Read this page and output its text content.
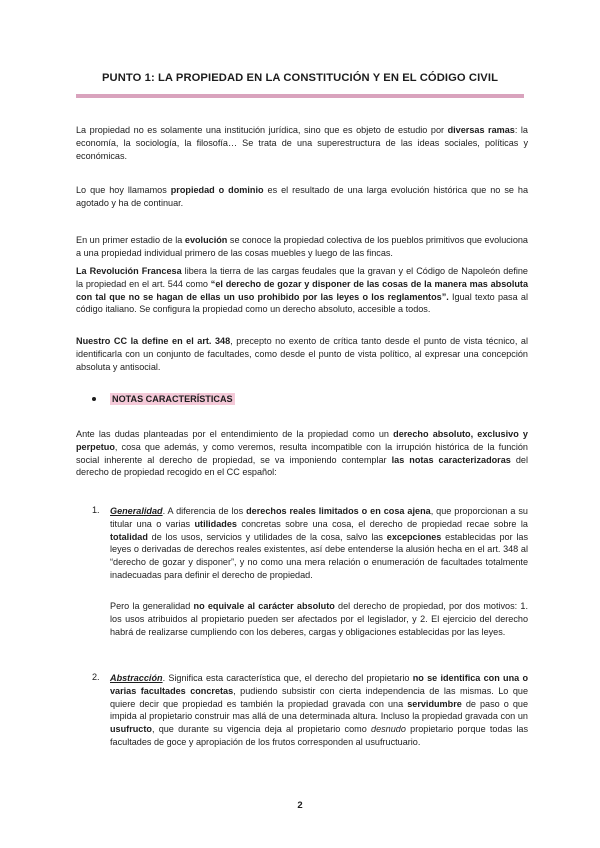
PUNTO 1: LA PROPIEDAD EN LA CONSTITUCIÓN Y EN EL CÓDIGO CIVIL
La propiedad no es solamente una institución jurídica, sino que es objeto de estudio por diversas ramas: la economía, la sociología, la filosofía… Se trata de una superestructura de las ideas sociales, políticas y económicas.
Lo que hoy llamamos propiedad o dominio es el resultado de una larga evolución histórica que no se ha agotado y ha de continuar.
En un primer estadio de la evolución se conoce la propiedad colectiva de los pueblos primitivos que evoluciona a una propiedad individual primero de las cosas muebles y luego de las fincas.
La Revolución Francesa libera la tierra de las cargas feudales que la gravan y el Código de Napoleón define la propiedad en el art. 544 como “el derecho de gozar y disponer de las cosas de la manera mas absoluta con tal que no se hagan de ellas un uso prohibido por las leyes o los reglamentos”. Igual texto pasa al código italiano. Se configura la propiedad como un derecho absoluto, accesible a todos.
Nuestro CC la define en el art. 348, precepto no exento de crítica tanto desde el punto de vista técnico, al identificarla con un conjunto de facultades, como desde el punto de vista político, al expresar una concepción absoluta y antisocial.
NOTAS CARACTERÍSTICAS
Ante las dudas planteadas por el entendimiento de la propiedad como un derecho absoluto, exclusivo y perpetuo, cosa que además, y como veremos, resulta incompatible con la irrupción histórica de la función social inherente al derecho de propiedad, se va imponiendo contemplar las notas caracterizadoras del derecho de propiedad recogido en el CC español:
1. Generalidad. A diferencia de los derechos reales limitados o en cosa ajena, que proporcionan a su titular una o varias utilidades concretas sobre una cosa, el derecho de propiedad recae sobre la totalidad de los usos, servicios y utilidades de la cosa, salvo las excepciones establecidas por las leyes o derivadas de derechos reales existentes, así debe entenderse la alusión hecha en el art. 348 al “derecho de gozar y disponer”, y no como una mera relación o enumeración de facultades totalmente inadecuadas para definir el derecho de propiedad.
Pero la generalidad no equivale al carácter absoluto del derecho de propiedad, por dos motivos: 1. los usos atribuidos al propietario pueden ser afectados por el legislador, y 2. El ejercicio del derecho habrá de realizarse cumpliendo con los deberes, cargas y obligaciones establecidas por las leyes.
2. Abstracción. Significa esta característica que, el derecho del propietario no se identifica con una o varias facultades concretas, pudiendo subsistir con cierta independencia de las mismas. Lo que quiere decir que propiedad es también la propiedad gravada con una servidumbre de paso o que impida al propietario construir mas allá de una determinada altura. Incluso la propiedad gravada con un usufructo, que durante su vigencia deja al propietario como desnudo propietario porque todas las facultades de goce y apropiación de los frutos corresponden al usufructuario.
2
